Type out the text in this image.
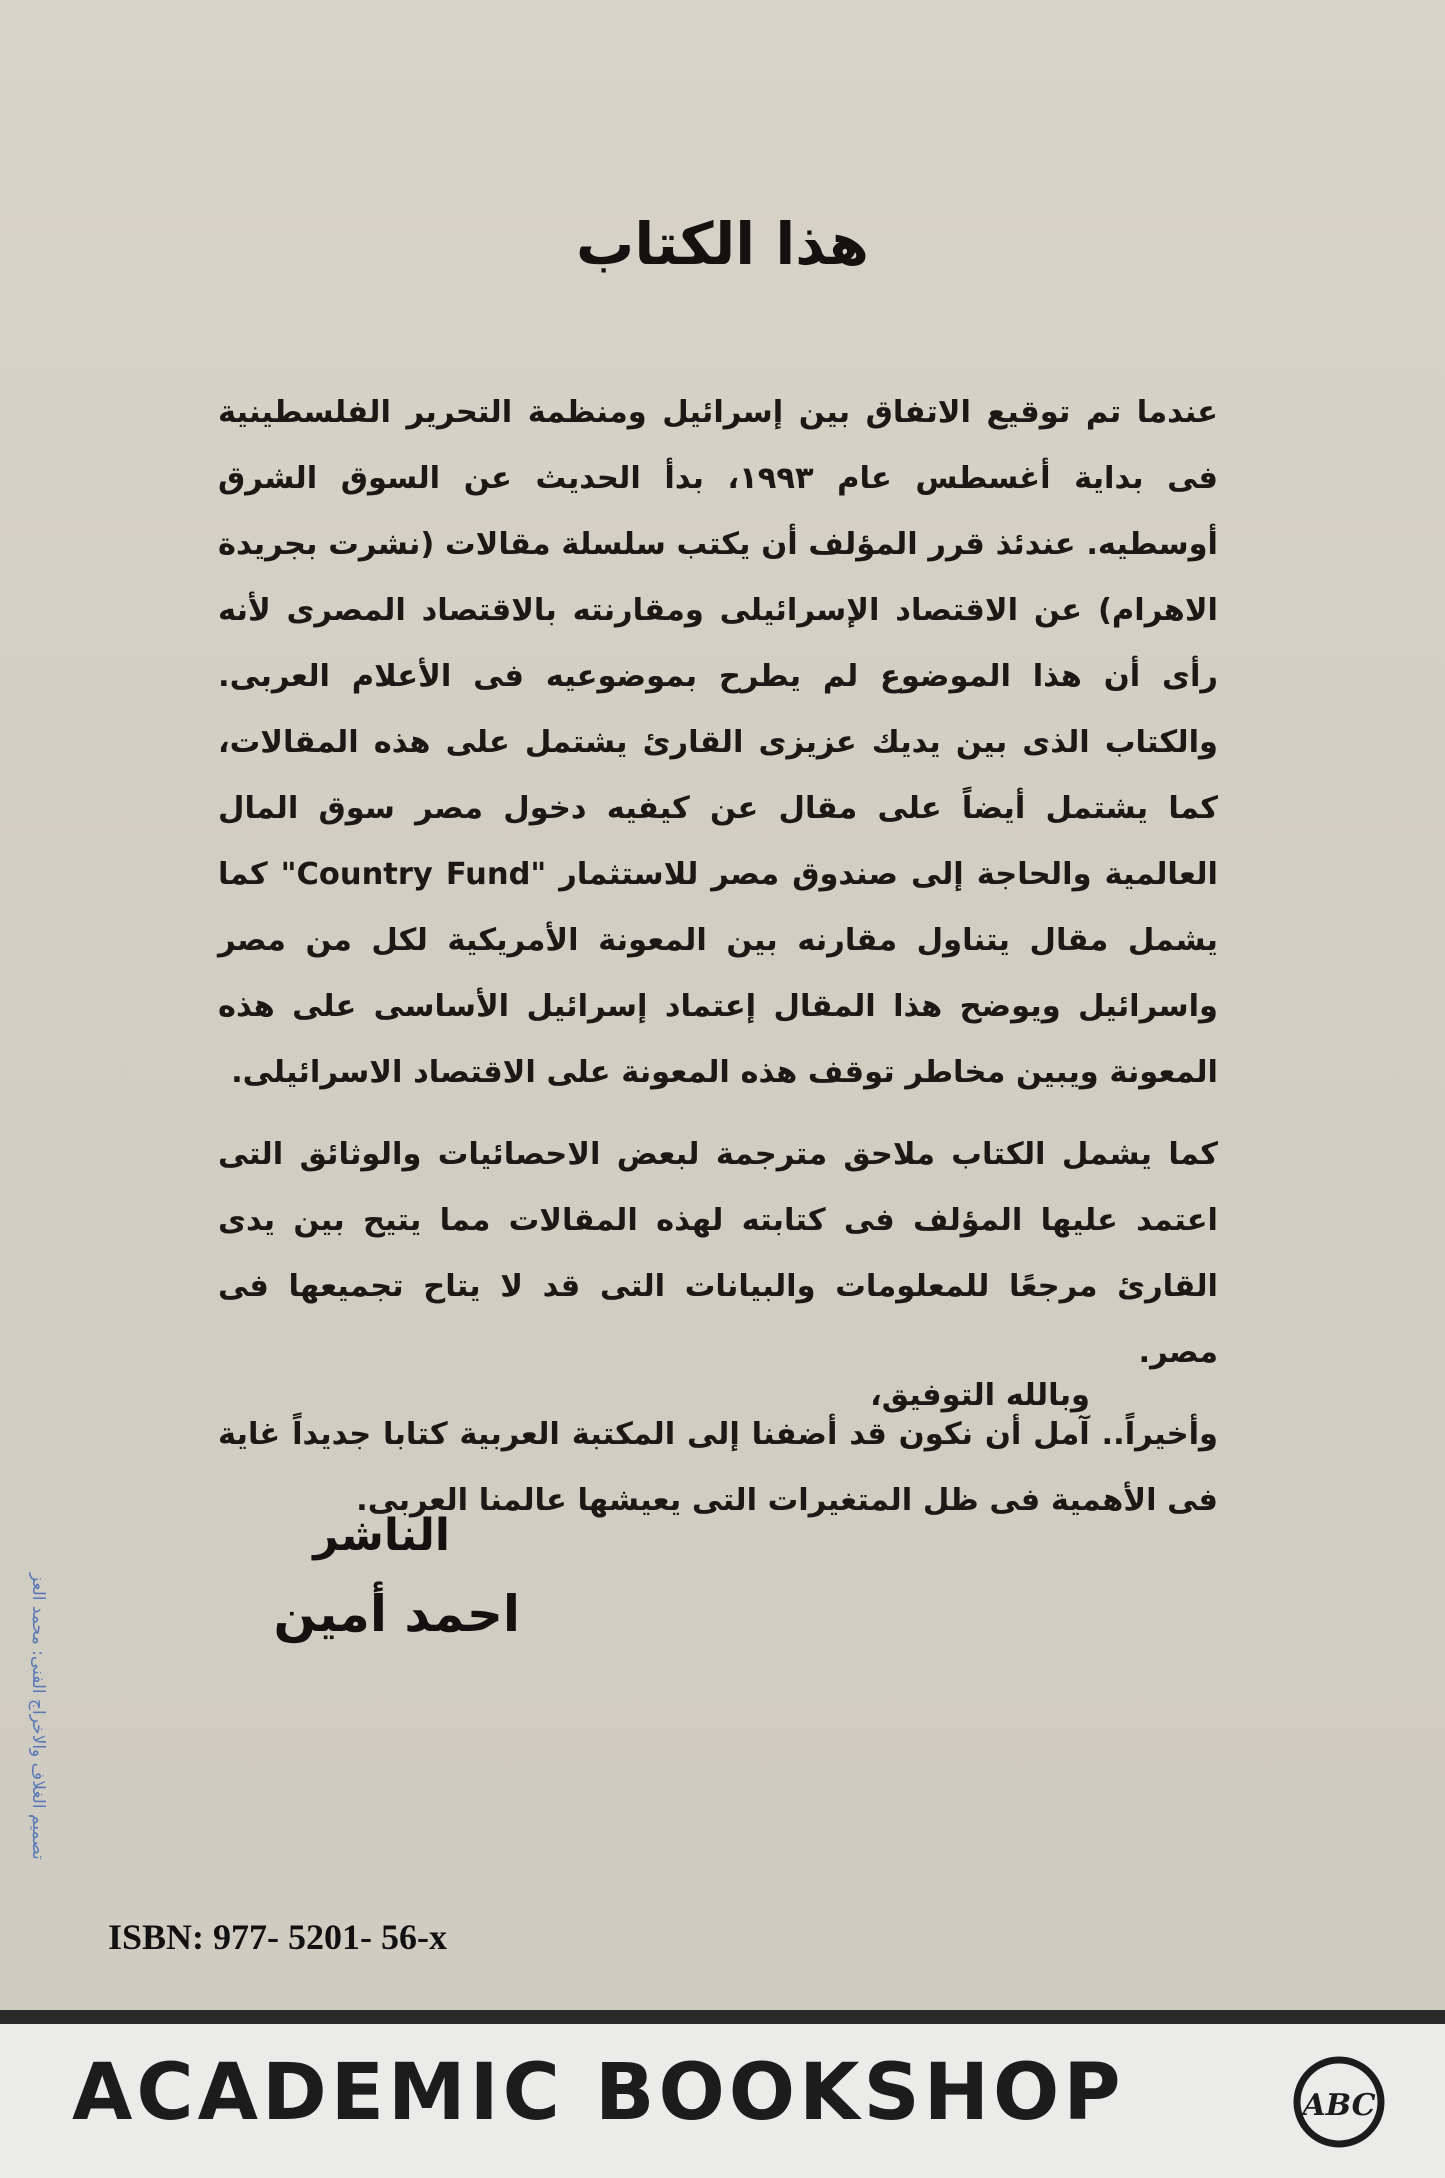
هذا الكتاب

عندما تم توقيع الاتفاق بين إسرائيل ومنظمة التحرير الفلسطينية فى بداية أغسطس عام ١٩٩٣، بدأ الحديث عن السوق الشرق أوسطيه. عندئذ قرر المؤلف أن يكتب سلسلة مقالات (نشرت بجريدة الاهرام) عن الاقتصاد الإسرائيلى ومقارنته بالاقتصاد المصرى لأنه رأى أن هذا الموضوع لم يطرح بموضوعيه فى الأعلام العربى. والكتاب الذى بين يديك عزيزى القارئ يشتمل على هذه المقالات، كما يشتمل أيضاً على مقال عن كيفيه دخول مصر سوق المال العالمية والحاجة إلى صندوق مصر للاستثمار "Country Fund" كما يشمل مقال يتناول مقارنه بين المعونة الأمريكية لكل من مصر واسرائيل ويوضح هذا المقال إعتماد إسرائيل الأساسى على هذه المعونة ويبين مخاطر توقف هذه المعونة على الاقتصاد الاسرائيلى.

كما يشمل الكتاب ملاحق مترجمة لبعض الاحصائيات والوثائق التى اعتمد عليها المؤلف فى كتابته لهذه المقالات مما يتيح بين يدى القارئ مرجعًا للمعلومات والبيانات التى قد لا يتاح تجميعها فى مصر.

وأخيراً.. آمل أن نكون قد أضفنا إلى المكتبة العربية كتابا جديداً غاية فى الأهمية فى ظل المتغيرات التى يعيشها عالمنا العربى.

وبالله التوفيق،
الناشر
احمد أمين
تصميم الغلاف والاخراج الفنى: محمد العز
ISBN: 977- 5201- 56-x
ACADEMIC BOOKSHOP	ABC
